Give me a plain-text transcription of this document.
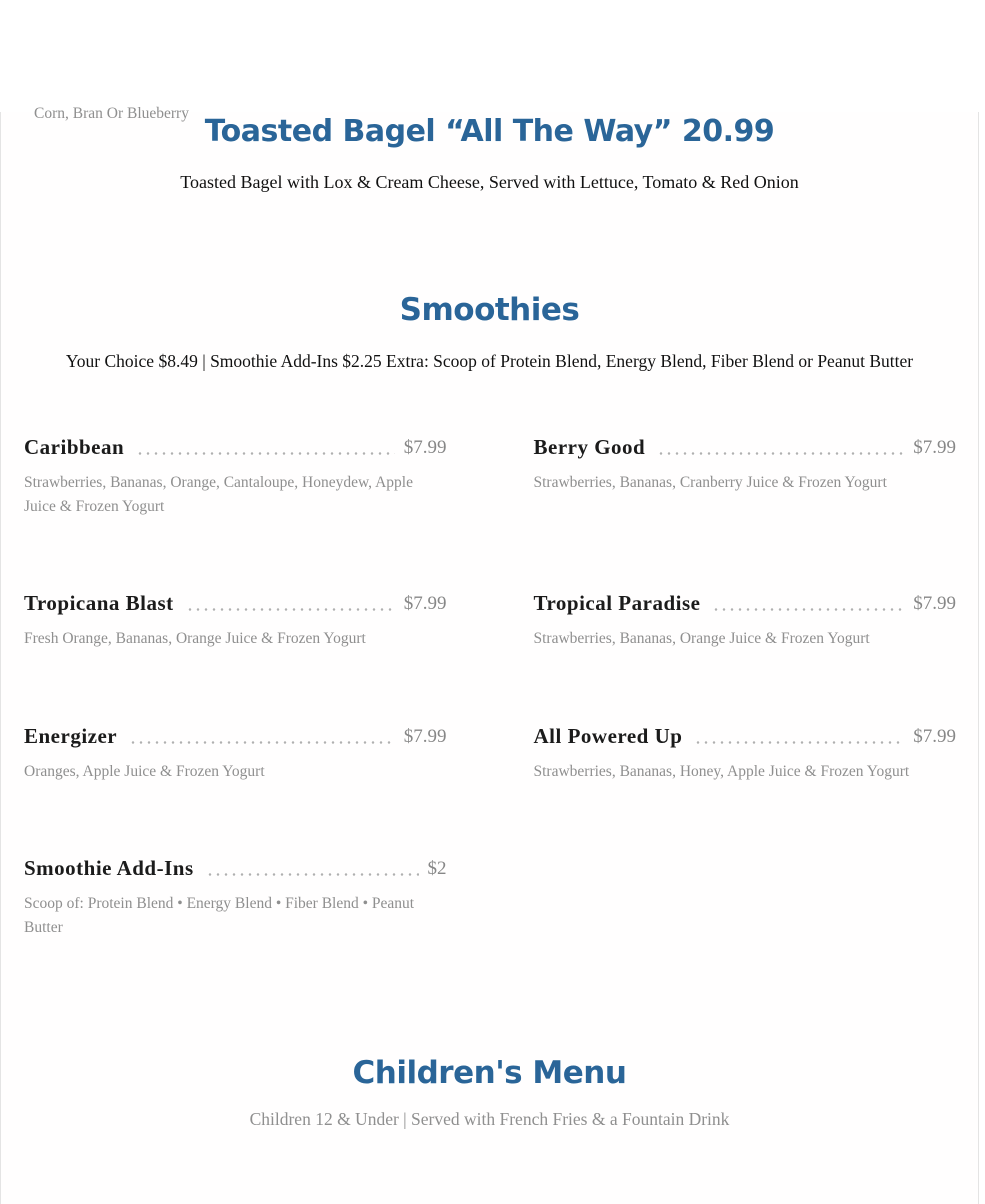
Corn, Bran Or Blueberry

Toasted Bagel “All The Way” 20.99

Toasted Bagel with Lox & Cream Cheese, Served with Lettuce, Tomato & Red Onion

Smoothies

Your Choice $8.49 | Smoothie Add-Ins $2.25 Extra: Scoop of Protein Blend, Energy Blend, Fiber Blend or Peanut Butter

Caribbean	$7.99

Strawberries, Bananas, Orange, Cantaloupe, Honeydew, Apple Juice & Frozen Yogurt

Berry Good	$7.99

Strawberries, Bananas, Cranberry Juice & Frozen Yogurt

Tropicana Blast	$7.99

Fresh Orange, Bananas, Orange Juice & Frozen Yogurt

Tropical Paradise	$7.99

Strawberries, Bananas, Orange Juice & Frozen Yogurt

Energizer	$7.99

Oranges, Apple Juice & Frozen Yogurt

All Powered Up	$7.99

Strawberries, Bananas, Honey, Apple Juice & Frozen Yogurt

Smoothie Add-Ins	$2

Scoop of: Protein Blend • Energy Blend • Fiber Blend • Peanut Butter

Children's Menu

Children 12 & Under | Served with French Fries & a Fountain Drink
